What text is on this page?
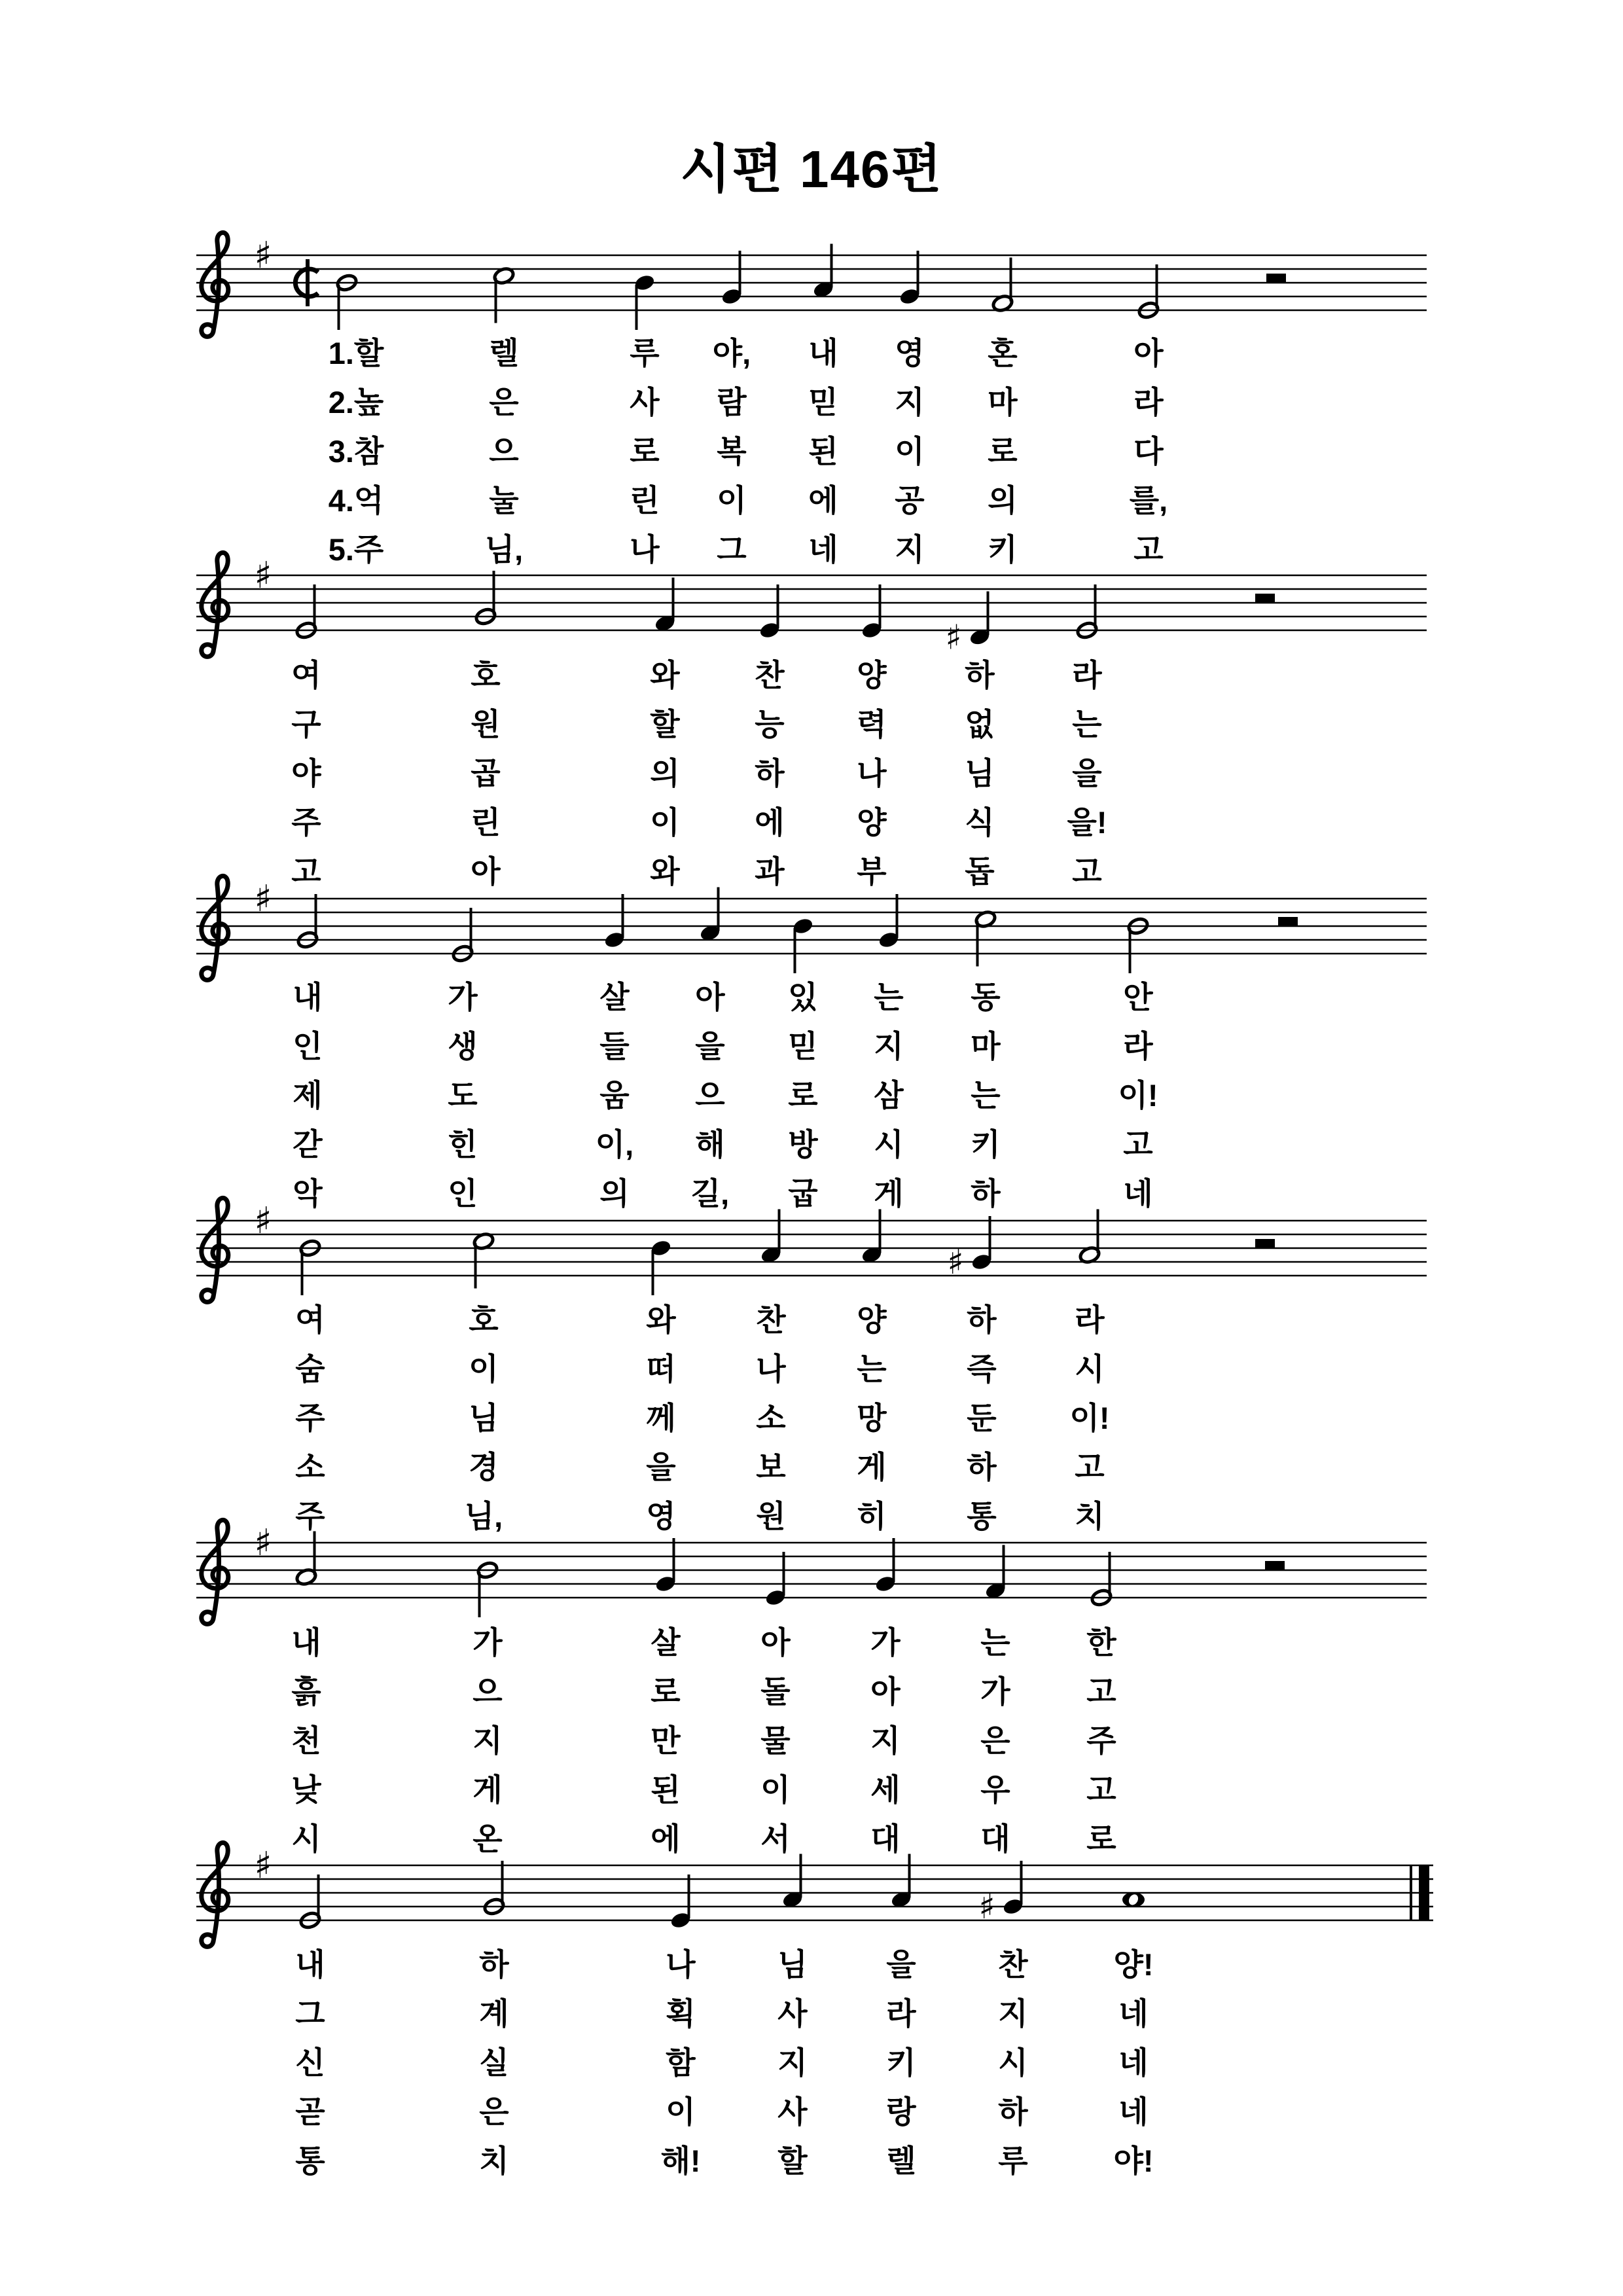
시편 146편
♯
1.할	렐	루 야, 내 영 혼	아
2.높	은	사 람 믿 지 마	라
3.참	으	로 복 된 이 로	다
4.억	눌	린 이 에 공 의	를,
5.주	님,	나 그 네 지 키	고
♯
♯
여	호	와 찬 양	하	라
구	원	할 능 력	없	는
야	곱	의 하 나	님	을
주	린	이 에 양	식 을!
고	아	와 과 부	돕	고
♯
내	가	살 아 있 는 동	안
인	생	들 을 믿 지 마	라
제	도	움 으 로 삼 는	이!
갇	힌	이, 해 방 시 키	고
악	인	의 길, 굽 게 하	네
♯
♯
여	호	와	찬 양	하	라
숨	이	떠	나 는	즉	시
주	님	께	소 망	둔 이!
소	경	을	보 게	하	고
주	님,	영	원 히	통	치
♯
내	가	살	아	가	는 한
흙	으	로	돌	아	가 고
천	지	만	물	지	은 주
낮	게	된	이	세	우 고
시	온	에	서	대	대 로
♯
♯
내	하	나	님	을	찬	양!
그	계	획	사	라	지	네
신	실	함	지	키	시	네
곧	은	이	사	랑	하	네
통	치	해!	할	렐	루	야!
